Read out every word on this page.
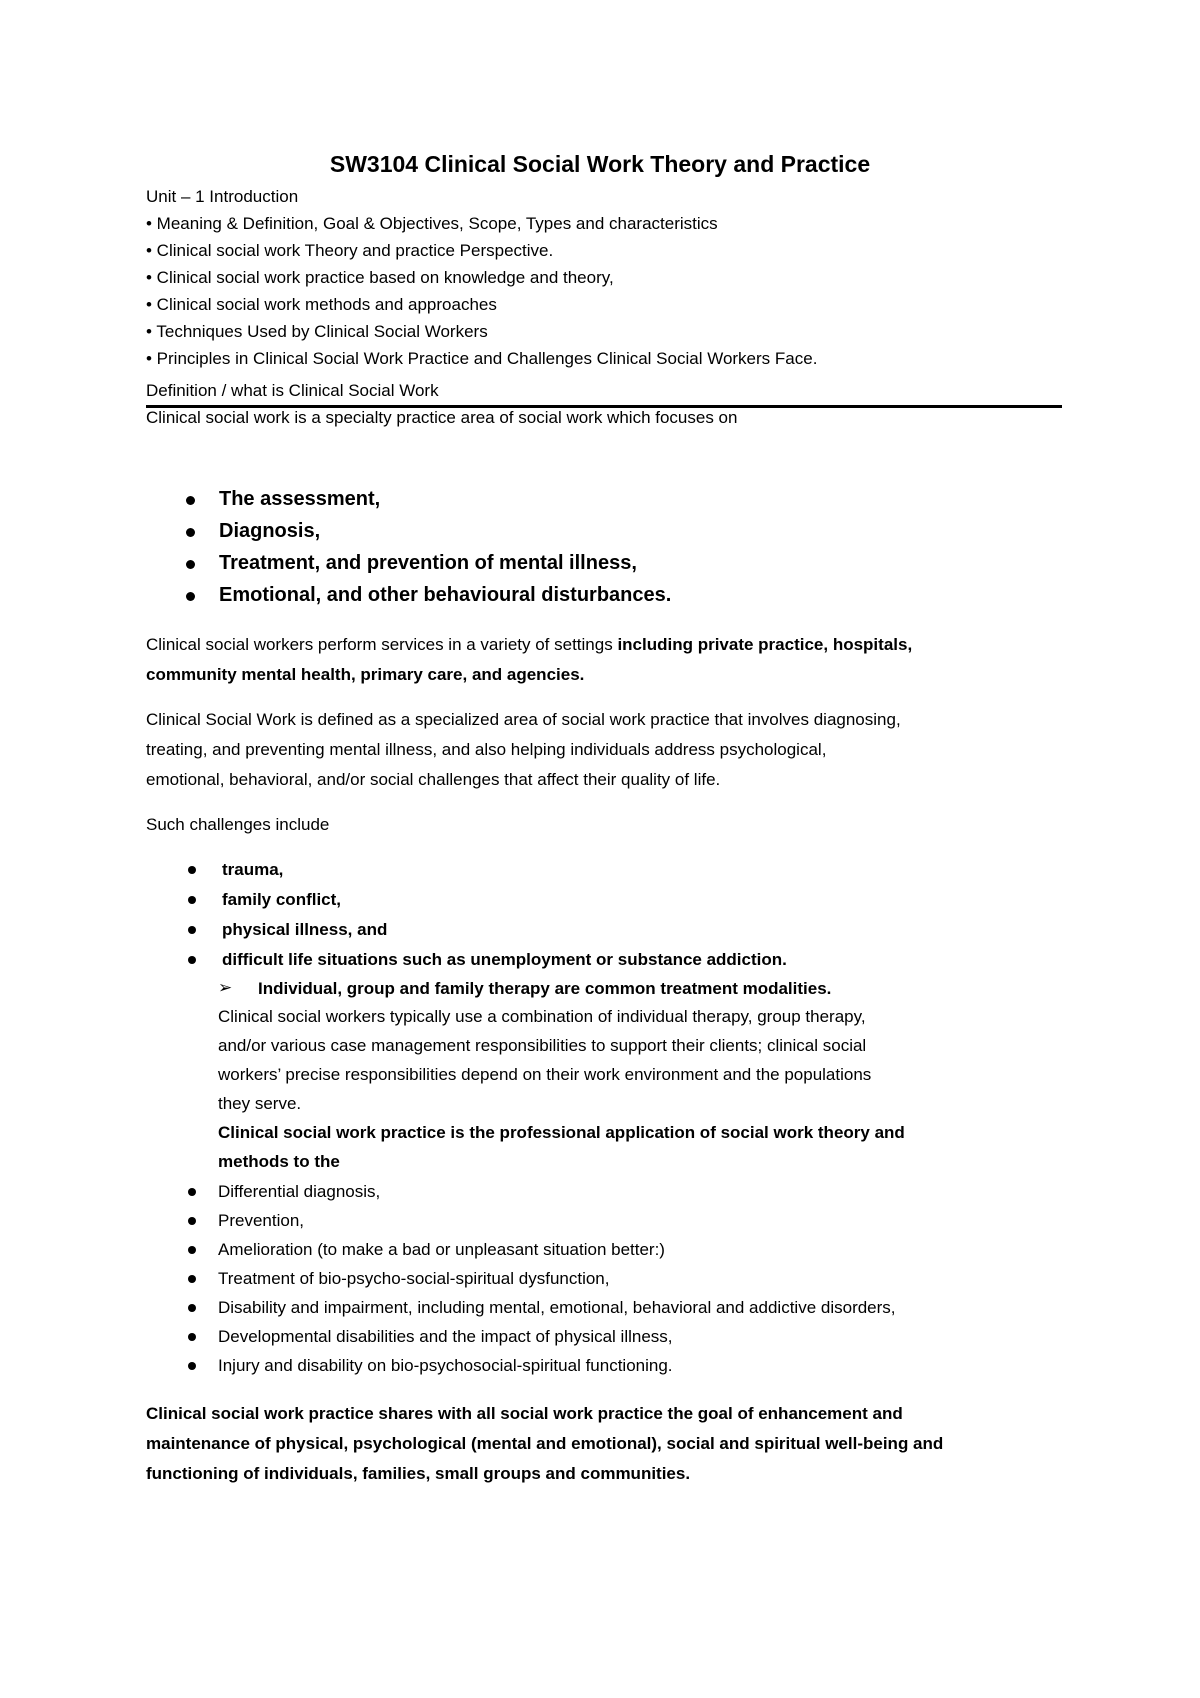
SW3104 Clinical Social Work Theory and Practice

Unit – 1 Introduction

• Meaning & Definition, Goal & Objectives, Scope, Types and characteristics

• Clinical social work Theory and practice Perspective.

• Clinical social work practice based on knowledge and theory,

• Clinical social work methods and approaches

• Techniques Used by Clinical Social Workers

• Principles in Clinical Social Work Practice and Challenges Clinical Social Workers Face.

Definition / what is Clinical Social Work

Clinical social work is a specialty practice area of social work which focuses on

The assessment,

Diagnosis,

Treatment, and prevention of mental illness,

Emotional, and other behavioural disturbances.

Clinical social workers perform services in a variety of settings including private practice, hospitals,
community mental health, primary care, and agencies.

Clinical Social Work is defined as a specialized area of social work practice that involves diagnosing,
treating, and preventing mental illness, and also helping individuals address psychological,
emotional, behavioral, and/or social challenges that affect their quality of life.

Such challenges include

trauma,

family conflict,

physical illness, and

difficult life situations such as unemployment or substance addiction.

➢ Individual, group and family therapy are common treatment modalities.

Clinical social workers typically use a combination of individual therapy, group therapy,
and/or various case management responsibilities to support their clients; clinical social
workers’ precise responsibilities depend on their work environment and the populations
they serve.

Clinical social work practice is the professional application of social work theory and
methods to the

Differential diagnosis,

Prevention,

Amelioration (to make a bad or unpleasant situation better:)

Treatment of bio-psycho-social-spiritual dysfunction,

Disability and impairment, including mental, emotional, behavioral and addictive disorders,

Developmental disabilities and the impact of physical illness,

Injury and disability on bio-psychosocial-spiritual functioning.

Clinical social work practice shares with all social work practice the goal of enhancement and
maintenance of physical, psychological (mental and emotional), social and spiritual well-being and
functioning of individuals, families, small groups and communities.
